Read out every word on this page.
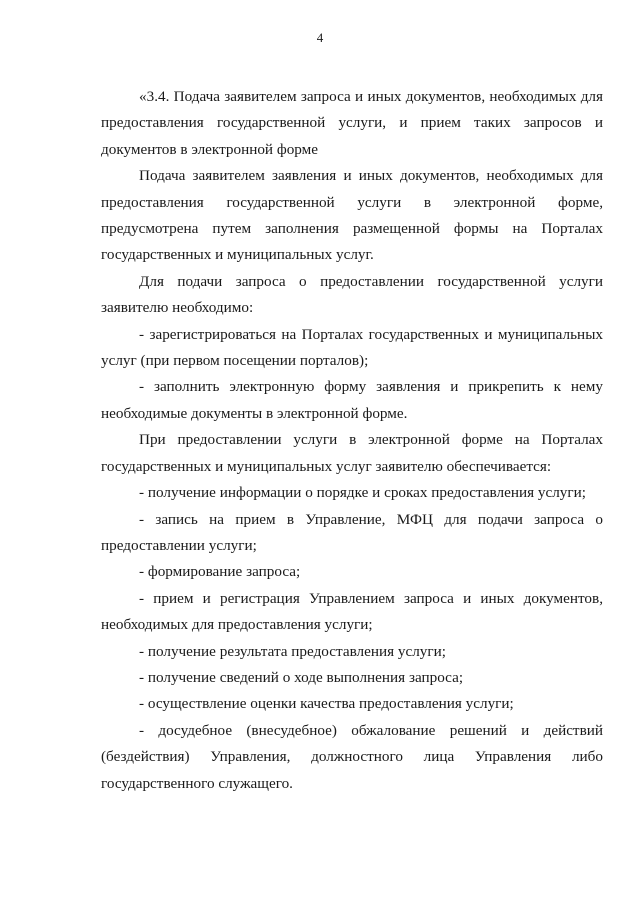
4

«3.4. Подача заявителем запроса и иных документов, необходимых для предоставления государственной услуги, и прием таких запросов и документов в электронной форме

Подача заявителем заявления и иных документов, необходимых для предоставления государственной услуги в электронной форме, предусмотрена путем заполнения размещенной формы на Порталах государственных и муниципальных услуг.

Для подачи запроса о предоставлении государственной услуги заявителю необходимо:

- зарегистрироваться на Порталах государственных и муниципальных услуг (при первом посещении порталов);

- заполнить электронную форму заявления и прикрепить к нему необходимые документы в электронной форме.

При предоставлении услуги в электронной форме на Порталах государственных и муниципальных услуг заявителю обеспечивается:

- получение информации о порядке и сроках предоставления услуги;

- запись на прием в Управление, МФЦ для подачи запроса о предоставлении услуги;

- формирование запроса;

- прием и регистрация Управлением запроса и иных документов, необходимых для предоставления услуги;

- получение результата предоставления услуги;

- получение сведений о ходе выполнения запроса;

- осуществление оценки качества предоставления услуги;

- досудебное (внесудебное) обжалование решений и действий (бездействия) Управления, должностного лица Управления либо государственного служащего.
